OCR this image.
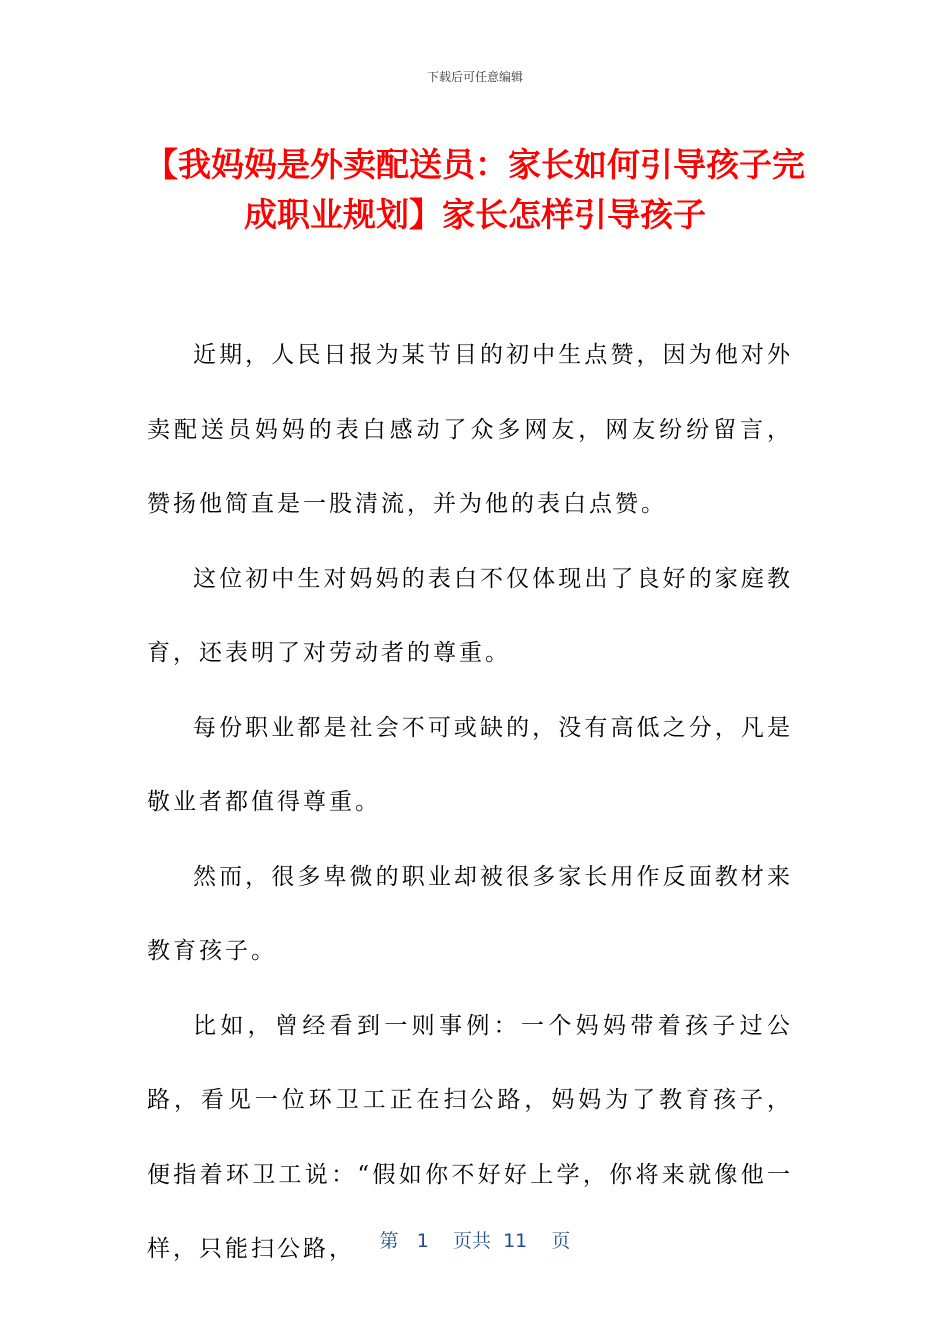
下载后可任意编辑
【我妈妈是外卖配送员：家长如何引导孩子完成职业规划】家长怎样引导孩子

近期，人民日报为某节目的初中生点赞，因为他对外卖配送员妈妈的表白感动了众多网友，网友纷纷留言，赞扬他简直是一股清流，并为他的表白点赞。

这位初中生对妈妈的表白不仅体现出了良好的家庭教育，还表明了对劳动者的尊重。

每份职业都是社会不可或缺的，没有高低之分，凡是敬业者都值得尊重。

然而，很多卑微的职业却被很多家长用作反面教材来教育孩子。

比如，曾经看到一则事例：一个妈妈带着孩子过公路，看见一位环卫工正在扫公路，妈妈为了教育孩子，便指着环卫工说：“假如你不好好上学，你将来就像他一样，只能扫公路，	第 1 页共 11 页
